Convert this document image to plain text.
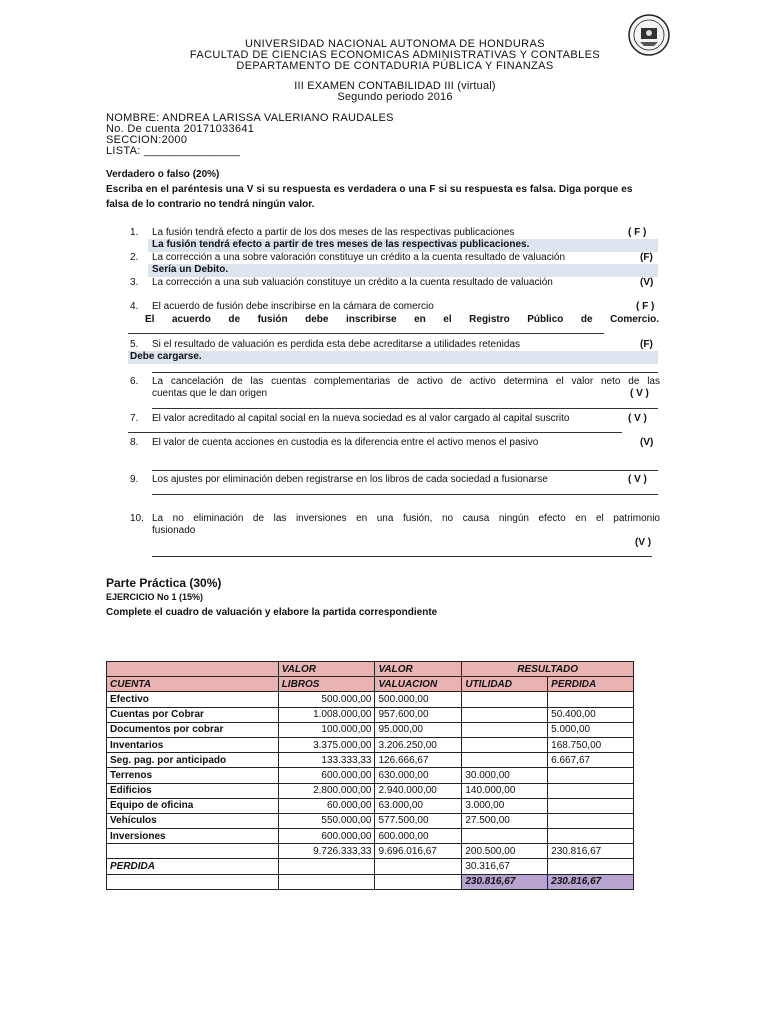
UNIVERSIDAD NACIONAL AUTONOMA DE HONDURAS
FACULTAD DE CIENCIAS ECONOMICAS ADMINISTRATIVAS Y CONTABLES
DEPARTAMENTO DE CONTADURIA PÚBLICA Y FINANZAS
III EXAMEN CONTABILIDAD III (virtual)
Segundo periodo 2016
NOMBRE: ANDREA LARISSA VALERIANO RAUDALES
No. De cuenta 20171033641
SECCION:2000
LISTA: _______________
Verdadero o falso (20%)
Escriba en el paréntesis una V si su respuesta es verdadera o una F si su respuesta es falsa. Diga porque es
falsa de lo contrario no tendrá ningún valor.
1. La fusión tendrá efecto a partir de los dos meses de las respectivas publicaciones	( F )
La fusión tendrá efecto a partir de tres meses de las respectivas publicaciones.
2. La corrección a una sobre valoración constituye un crédito a la cuenta resultado de valuación	(F)
Sería un Debito.
3. La corrección a una sub valuación constituye un crédito a la cuenta resultado de valuación	(V)
4. El acuerdo de fusión debe inscribirse en la cámara de comercio	( F )
El acuerdo de fusión debe inscribirse en el Registro Público de Comercio.
5. Si el resultado de valuación es perdida esta debe acreditarse a utilidades retenidas	(F)
Debe cargarse.
6. La cancelación de las cuentas complementarias de activo de activo determina el valor neto de las
cuentas que le dan origen	( V )
7. El valor acreditado al capital social en la nueva sociedad es al valor cargado al capital suscrito	( V )
8. El valor de cuenta acciones en custodia es la diferencia entre el activo menos el pasivo	(V)
9. Los ajustes por eliminación deben registrarse en los libros de cada sociedad a fusionarse	( V )
10. La no eliminación de las inversiones en una fusión, no causa ningún efecto en el patrimonio
fusionado
(V )
Parte Práctica (30%)
EJERCICIO No 1 (15%)
Complete el cuadro de valuación y elabore la partida correspondiente
	VALOR	VALOR	RESULTADO	
CUENTA	LIBROS	VALUACION	UTILIDAD	PERDIDA
Efectivo	500.000,00	500.000,00		
Cuentas por Cobrar	1.008.000,00	957.600,00		50.400,00
Documentos por cobrar	100.000,00	95.000,00		5.000,00
Inventarios	3.375.000,00	3.206.250,00		168.750,00
Seg. pag. por anticipado	133.333,33	126.666,67		6.667,67
Terrenos	600.000,00	630.000,00	30.000,00	
Edificios	2.800.000,00	2.940.000,00	140.000,00	
Equipo de oficina	60.000,00	63.000,00	3.000,00	
Vehículos	550.000,00	577.500,00	27.500,00	
Inversiones	600.000,00	600.000,00		
	9.726.333,33	9.696.016,67	200.500,00	230.816,67
PERDIDA			30.316,67	
			230.816,67	230.816,67
